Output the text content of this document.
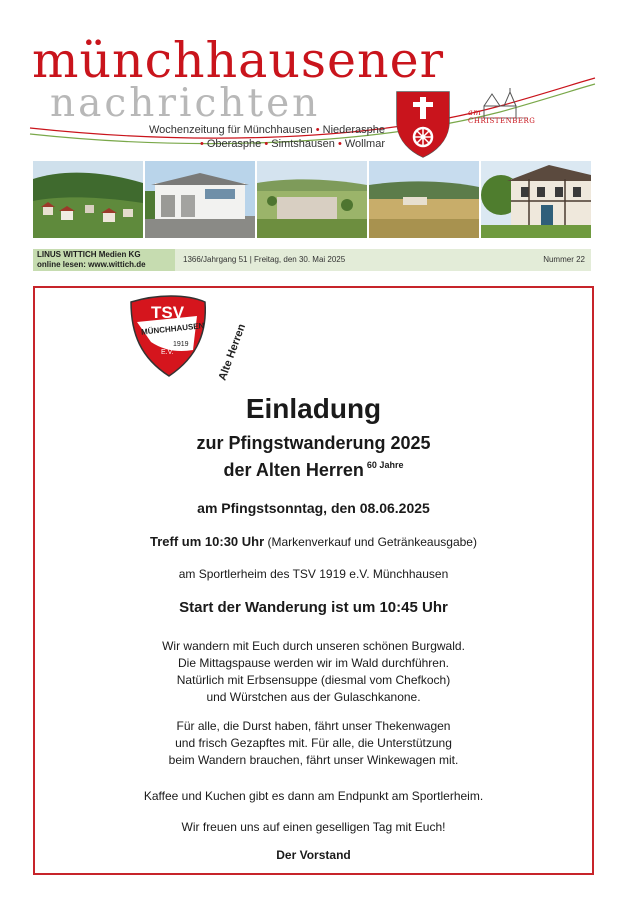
münchhausener
nachrichten	am
CHRISTENBERG
Wochenzeitung für Münchhausen • Niederasphe
• Oberasphe • Simtshausen • Wollmar
LINUS WITTICH Medien KG
online lesen: www.wittich.de
1366/Jahrgang 51 | Freitag, den 30. Mai 2025	Nummer 22
TSV
MÜNCHHAUSEN
1919
E.V.	Alte Herren
Einladung
zur Pfingstwanderung 2025
der Alten Herren $^{60 Jahre}$
am Pfingstsonntag, den 08.06.2025
Treff um 10:30 Uhr (Markenverkauf und Getränkeausgabe)
am Sportlerheim des TSV 1919 e.V. Münchhausen
Start der Wanderung ist um 10:45 Uhr
Wir wandern mit Euch durch unseren schönen Burgwald.
Die Mittagspause werden wir im Wald durchführen.
Natürlich mit Erbsensuppe (diesmal vom Chefkoch)
und Würstchen aus der Gulaschkanone.
Für alle, die Durst haben, fährt unser Thekenwagen
und frisch Gezapftes mit. Für alle, die Unterstützung
beim Wandern brauchen, fährt unser Winkewagen mit.
Kaffee und Kuchen gibt es dann am Endpunkt am Sportlerheim.
Wir freuen uns auf einen geselligen Tag mit Euch!
Der Vorstand
